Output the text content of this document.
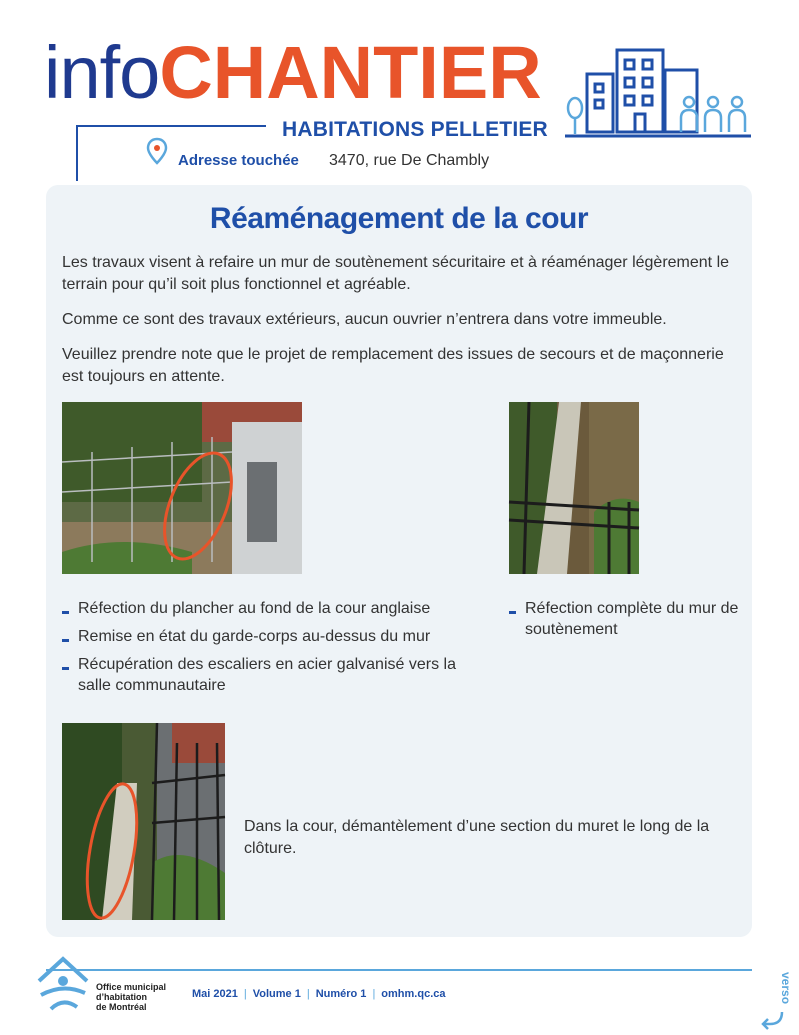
infoCHANTIER
HABITATIONS PELLETIER
Adresse touchée 3470, rue De Chambly
Réaménagement de la cour
Les travaux visent à refaire un mur de soutènement sécuritaire et à réaménager légèrement le terrain pour qu’il soit plus fonctionnel et agréable.
Comme ce sont des travaux extérieurs, aucun ouvrier n’entrera dans votre immeuble.
Veuillez prendre note que le projet de remplacement des issues de secours et de maçonnerie est toujours en attente.
Réfection du plancher au fond de la cour anglaise
Remise en état du garde-corps au-dessus du mur
Récupération des escaliers en acier galvanisé vers la salle communautaire
Réfection complète du mur de soutènement
Dans la cour, démantèlement d’une section du muret le long de la clôture.
Office municipal
d’habitation
de Montréal
Mai 2021 | Volume 1 | Numéro 1 | omhm.qc.ca	verso
